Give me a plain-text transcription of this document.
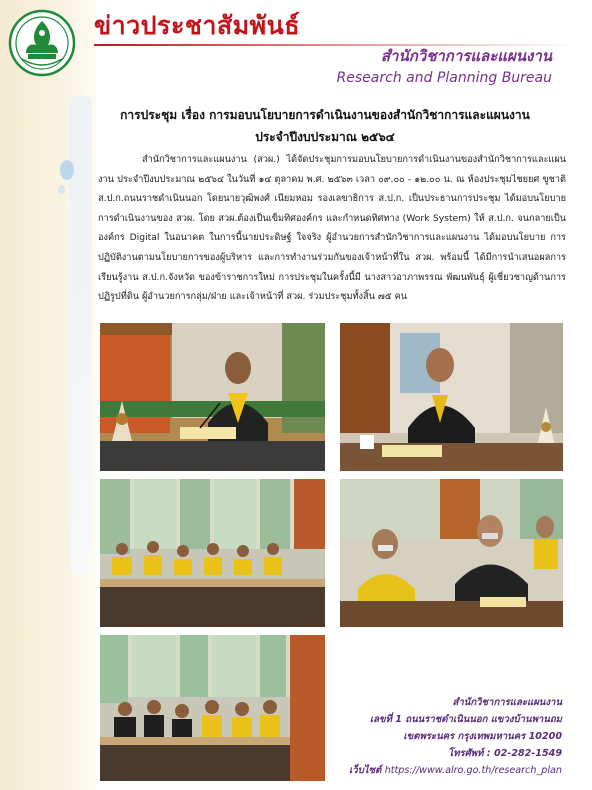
ข่าวประชาสัมพันธ์
สำนักวิชาการและแผนงาน
Research and Planning Bureau
การประชุม เรื่อง การมอบนโยบายการดำเนินงานของสำนักวิชาการและแผนงาน
ประจำปีงบประมาณ ๒๕๖๔
สำนักวิชาการและแผนงาน (สวผ.) ได้จัดประชุมการมอบนโยบายการดำเนินงานของสำนักวิชาการและแผนงาน ประจำปีงบประมาณ ๒๕๖๔ ในวันที่ ๑๔ ตุลาคม พ.ศ. ๒๕๖๓ เวลา ๐๙.๐๐ - ๑๒.๐๐ น. ณ ห้องประชุมไชยยศ ขูชาติ ส.ป.ก.ถนนราชดำเนินนอก โดยนายวุฒิพงศ์ เนียมหอม รองเลขาธิการ ส.ป.ก. เป็นประธานการประชุม ได้มอบนโยบายการดำเนินงานของ สวผ. โดย สวผ.ต้องเป็นเข็มทิศองค์กร และกำหนดทิศทาง (Work System) ให้ ส.ป.ก. จนกลายเป็นองค์กร Digital ในอนาคต ในการนี้นายประดิษฐ์ ใจจริง ผู้อำนวยการสำนักวิชาการและแผนงาน ได้มอบนโยบาย การปฏิบัติงานตามนโยบายการของผู้บริหาร และการทำงานร่วมกันของเจ้าหน้าที่ใน สวผ. พร้อมนี้ ได้มีการนำเสนอผลการเรียนรู้งาน ส.ป.ก.จังหวัด ของข้าราชการใหม่ การประชุมในครั้งนี้มี นางสาวอาภาพรรณ พัฒนพันธุ์ ผู้เชี่ยวชาญด้านการปฏิรูปที่ดิน ผู้อำนวยการกลุ่ม/ฝ่าย และเจ้าหน้าที่ สวผ. ร่วมประชุมทั้งสิ้น ๗๕ คน
สำนักวิชาการและแผนงาน
เลขที่ 1 ถนนราชดำเนินนอก แขวงบ้านพานถม
เขตพระนคร กรุงเทพมหานคร 10200
โทรศัพท์ : 02-282-1549
เว็บไซต์ https://www.alro.go.th/research_plan
